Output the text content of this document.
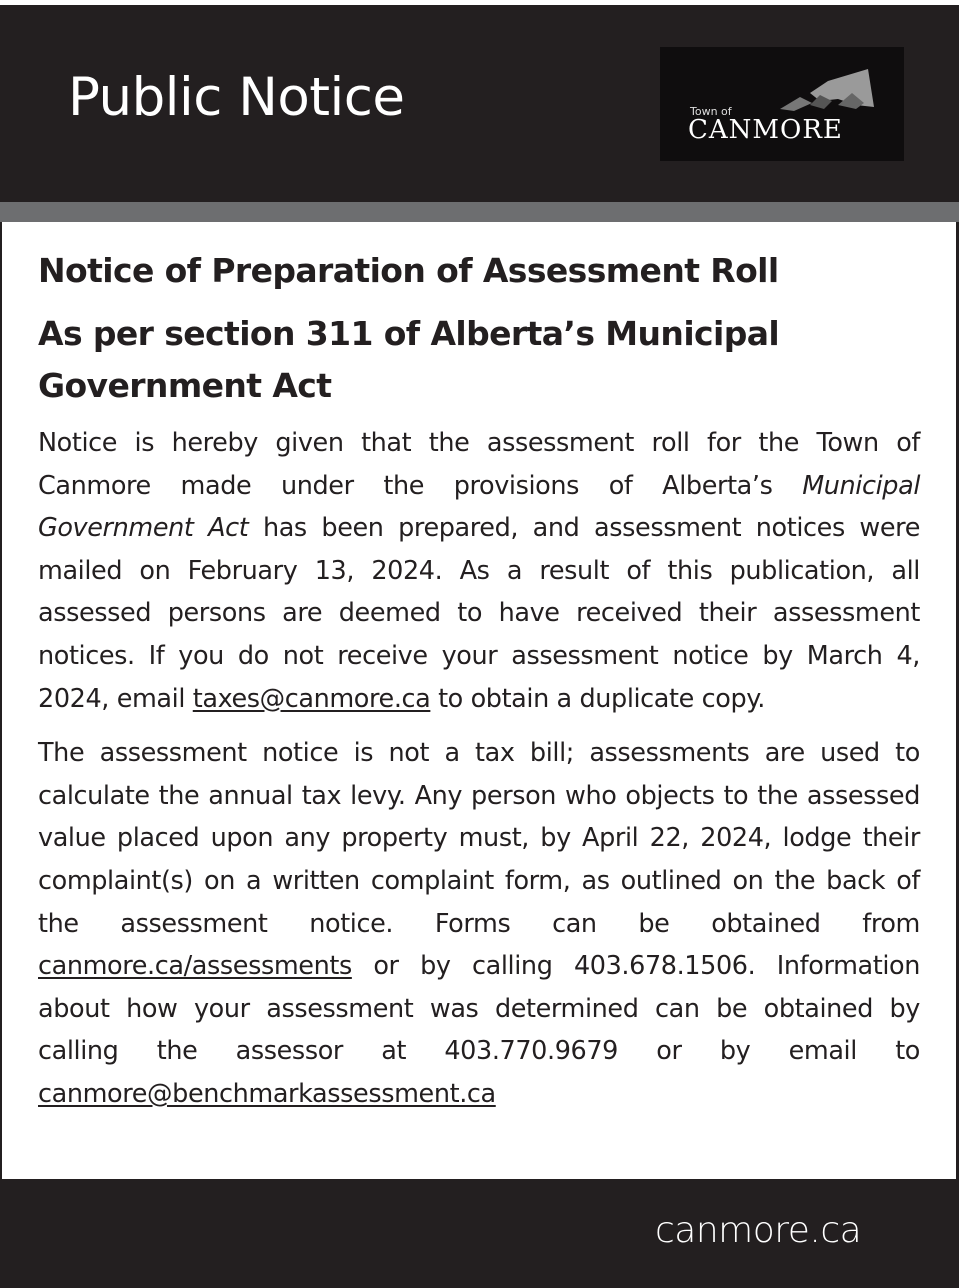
Public Notice	Town of
CANMORE
Notice of Preparation of Assessment Roll
As per section 311 of Alberta’s Municipal Government Act

Notice is hereby given that the assessment roll for the Town of Canmore made under the provisions of Alberta’s Municipal Government Act has been prepared, and assessment notices were mailed on February 13, 2024. As a result of this publication, all assessed persons are deemed to have received their assessment notices. If you do not receive your assessment notice by March 4, 2024, email taxes@canmore.ca to obtain a duplicate copy.

The assessment notice is not a tax bill; assessments are used to calculate the annual tax levy. Any person who objects to the assessed value placed upon any property must, by April 22, 2024, lodge their complaint(s) on a written complaint form, as outlined on the back of the assessment notice. Forms can be obtained from canmore.ca/assessments or by calling 403.678.1506. Information about how your assessment was determined can be obtained by calling the assessor at 403.770.9679 or by email to canmore@benchmarkassessment.ca

canmore.ca
